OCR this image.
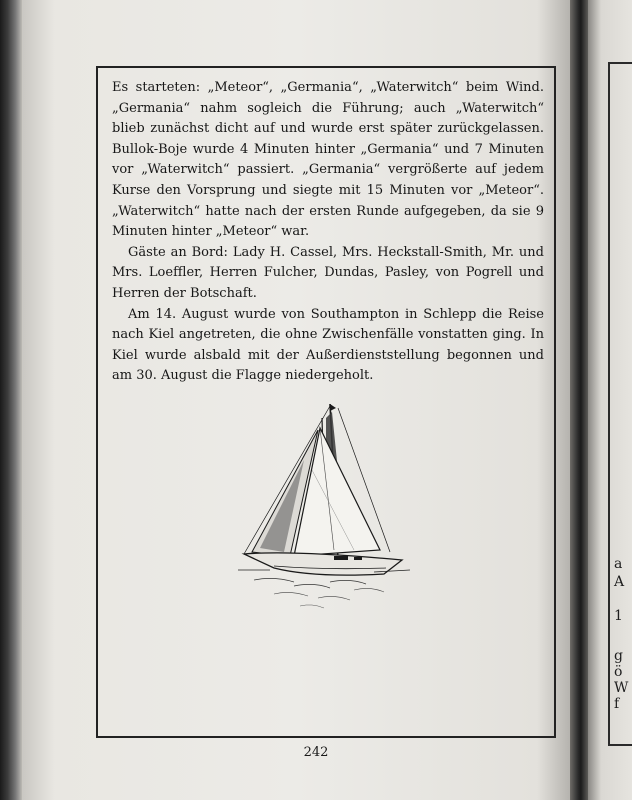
Es starteten: „Meteor“, „Germania“, „Waterwitch“ beim Wind. „Germania“ nahm sogleich die Führung; auch „Waterwitch“ blieb zunächst dicht auf und wurde erst später zurückgelassen. Bullok-Boje wurde 4 Minuten hinter „Germania“ und 7 Minuten vor „Waterwitch“ passiert. „Germania“ vergrößerte auf jedem Kurse den Vorsprung und siegte mit 15 Minuten vor „Meteor“. „Waterwitch“ hatte nach der ersten Runde aufgegeben, da sie 9 Minuten hinter „Meteor“ war.

Gäste an Bord: Lady H. Cassel, Mrs. Heckstall-Smith, Mr. und Mrs. Loeffler, Herren Fulcher, Dundas, Pasley, von Pogrell und Herren der Botschaft.

Am 14. August wurde von Southampton in Schlepp die Reise nach Kiel angetreten, die ohne Zwischenfälle vonstatten ging. In Kiel wurde alsbald mit der Außerdienststellung begonnen und am 30. August die Flagge niedergeholt.

242
a
A
1
g
ö
W
f
